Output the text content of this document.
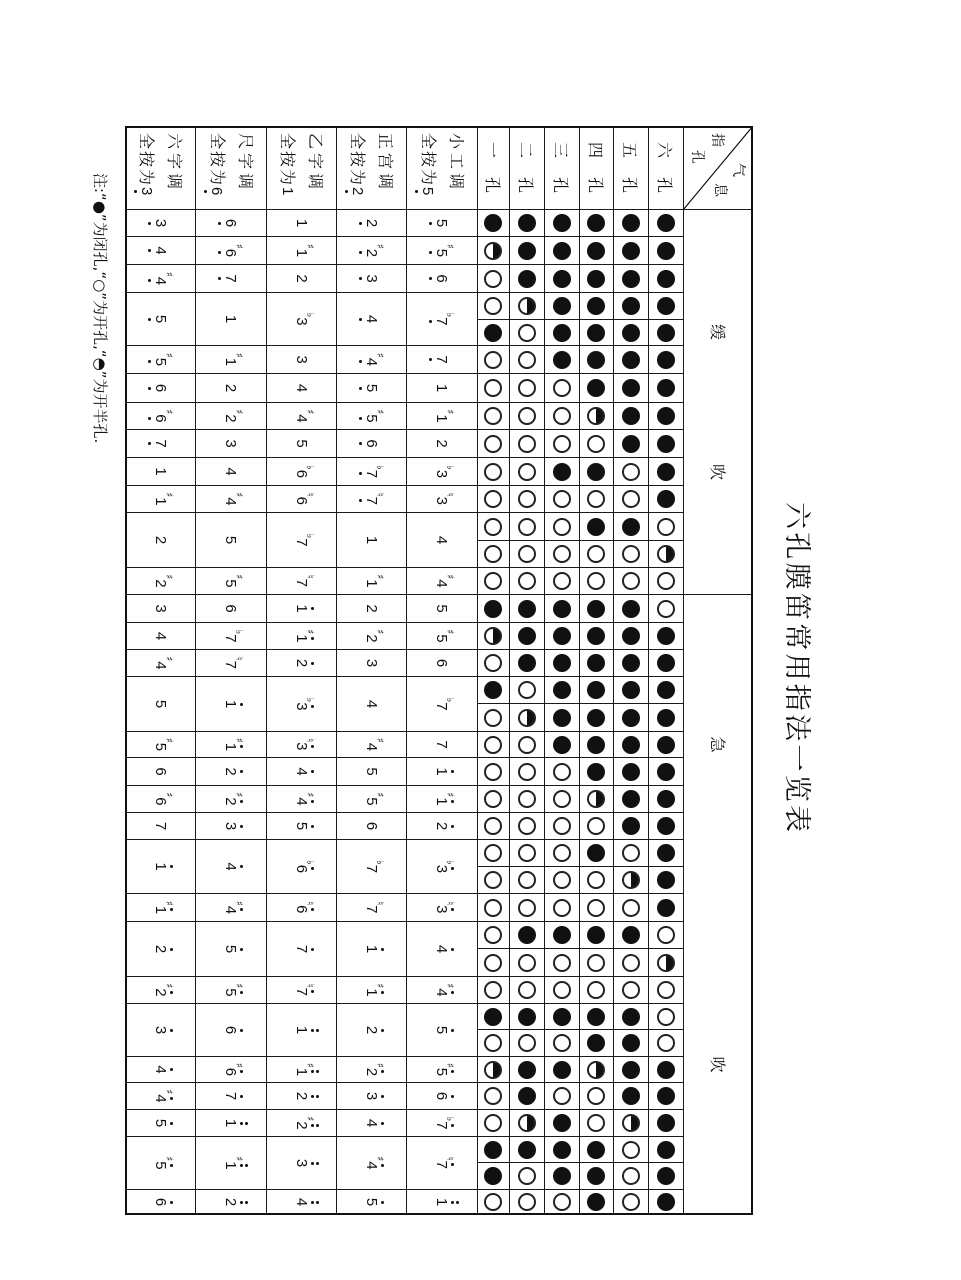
六孔膜笛常用指法一览表
气
息
指
孔
缓
吹
急
吹
六
孔
五
孔
四
孔
三
孔
二
孔
一
孔
小工调
全按为
5
5
♯
5
6
♭
7
7
1
♯
1
2
♭
3
♮
3
4
♯
4
5
♯
5
6
♭
7
7
1
♯
1
2
♭
3
♮
3
4
♯
4
5
♯
5
6
♭
7
♮
7
1
正宫调
全按为
2
2
♯
2
3
4
♯
4
5
♯
5
6
♭
7
♮
7
1
♯
1
2
♯
2
3
4
♯
4
5
♯
5
6
♭
7
♮
7
1
♯
1
2
♯
2
3
4
♯
4
5
乙字调
全按为
1
1
♯
1
2
♭
3
3
4
♯
4
5
♭
6
♮
6
♭
7
♮
7
1
♯
1
2
♭
3
♮
3
4
♯
4
5
♭
6
♮
6
7
♮
7
1
♯
1
2
♯
2
3
4
尺字调
全按为
6
6
♯
6
7
1
♯
1
2
♯
2
3
4
♯
4
5
♯
5
6
♭
7
♮
7
1
♯
1
2
♯
2
3
4
♯
4
5
♯
5
6
♯
6
7
1
♯
1
2
六字调
全按为
3
3
4
♯
4
5
♯
5
6
♯
6
7
1
♯
1
2
♯
2
3
4
♯
4
5
♯
5
6
♯
6
7
1
♯
1
2
♯
2
3
4
♯
4
5
♯
5
6
注:“●”为闭孔,“○”为开孔,“◓”为开半孔.
